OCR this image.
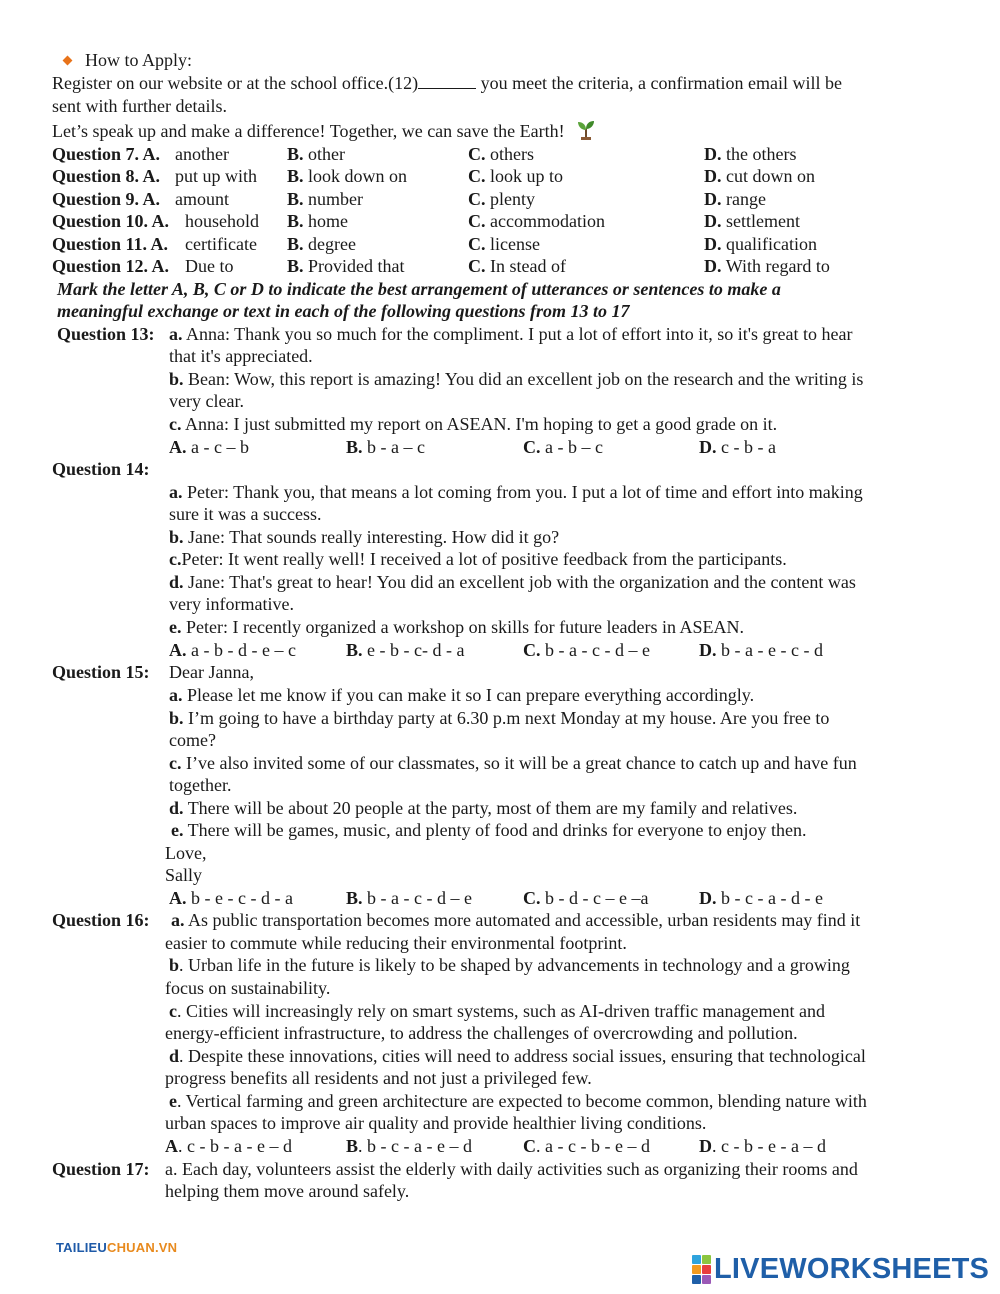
How to Apply:
Register on our website or at the school office.(12)	you meet the criteria, a confirmation email will be
sent with further details.
Let’s speak up and make a difference! Together, we can save the Earth!
Question 7. A. another	B. other	C. others	D. the others
Question 8. A. put up with B. look down on	C. look up to	D. cut down on
Question 9. A. amount	B. number	C. plenty	D. range
Question 10. A. household B. home	C. accommodation	D. settlement
Question 11. A. certificate B. degree	C. license	D. qualification
Question 12. A. Due to	B. Provided that	C. In stead of	D. With regard to
Mark the letter A, B, C or D to indicate the best arrangement of utterances or sentences to make a
meaningful exchange or text in each of the following questions from 13 to 17
Question 13: a. Anna: Thank you so much for the compliment. I put a lot of effort into it, so it's great to hear
that it's appreciated.
b. Bean: Wow, this report is amazing! You did an excellent job on the research and the writing is
very clear.
c. Anna: I just submitted my report on ASEAN. I'm hoping to get a good grade on it.
A. a - c – b	B. b - a – c	C. a - b – c	D. c - b - a
Question 14:
a. Peter: Thank you, that means a lot coming from you. I put a lot of time and effort into making
sure it was a success.
b. Jane: That sounds really interesting. How did it go?
c.Peter: It went really well! I received a lot of positive feedback from the participants.
d. Jane: That's great to hear! You did an excellent job with the organization and the content was
very informative.
e. Peter: I recently organized a workshop on skills for future leaders in ASEAN.
A. a - b - d - e – c	B. e - b - c- d - a	C. b - a - c - d – e	D. b - a - e - c - d
Question 15: Dear Janna,
a. Please let me know if you can make it so I can prepare everything accordingly.
b. I’m going to have a birthday party at 6.30 p.m next Monday at my house. Are you free to
come?
c. I’ve also invited some of our classmates, so it will be a great chance to catch up and have fun
together.
d. There will be about 20 people at the party, most of them are my family and relatives.
e. There will be games, music, and plenty of food and drinks for everyone to enjoy then.
Love,
Sally
A. b - e - c - d - a	B. b - a - c - d – e	C. b - d - c – e –a	D. b - c - a - d - e
Question 16: a. As public transportation becomes more automated and accessible, urban residents may find it
easier to commute while reducing their environmental footprint.
b. Urban life in the future is likely to be shaped by advancements in technology and a growing
focus on sustainability.
c. Cities will increasingly rely on smart systems, such as AI-driven traffic management and
energy-efficient infrastructure, to address the challenges of overcrowding and pollution.
d. Despite these innovations, cities will need to address social issues, ensuring that technological
progress benefits all residents and not just a privileged few.
e. Vertical farming and green architecture are expected to become common, blending nature with
urban spaces to improve air quality and provide healthier living conditions.
A. c - b - a - e – d	B. b - c - a - e – d	C. a - c - b - e – d	D. c - b - e - a – d
Question 17: a. Each day, volunteers assist the elderly with daily activities such as organizing their rooms and
helping them move around safely.
TAILIEUCHUAN.VN

LIVEWORKSHEETS
